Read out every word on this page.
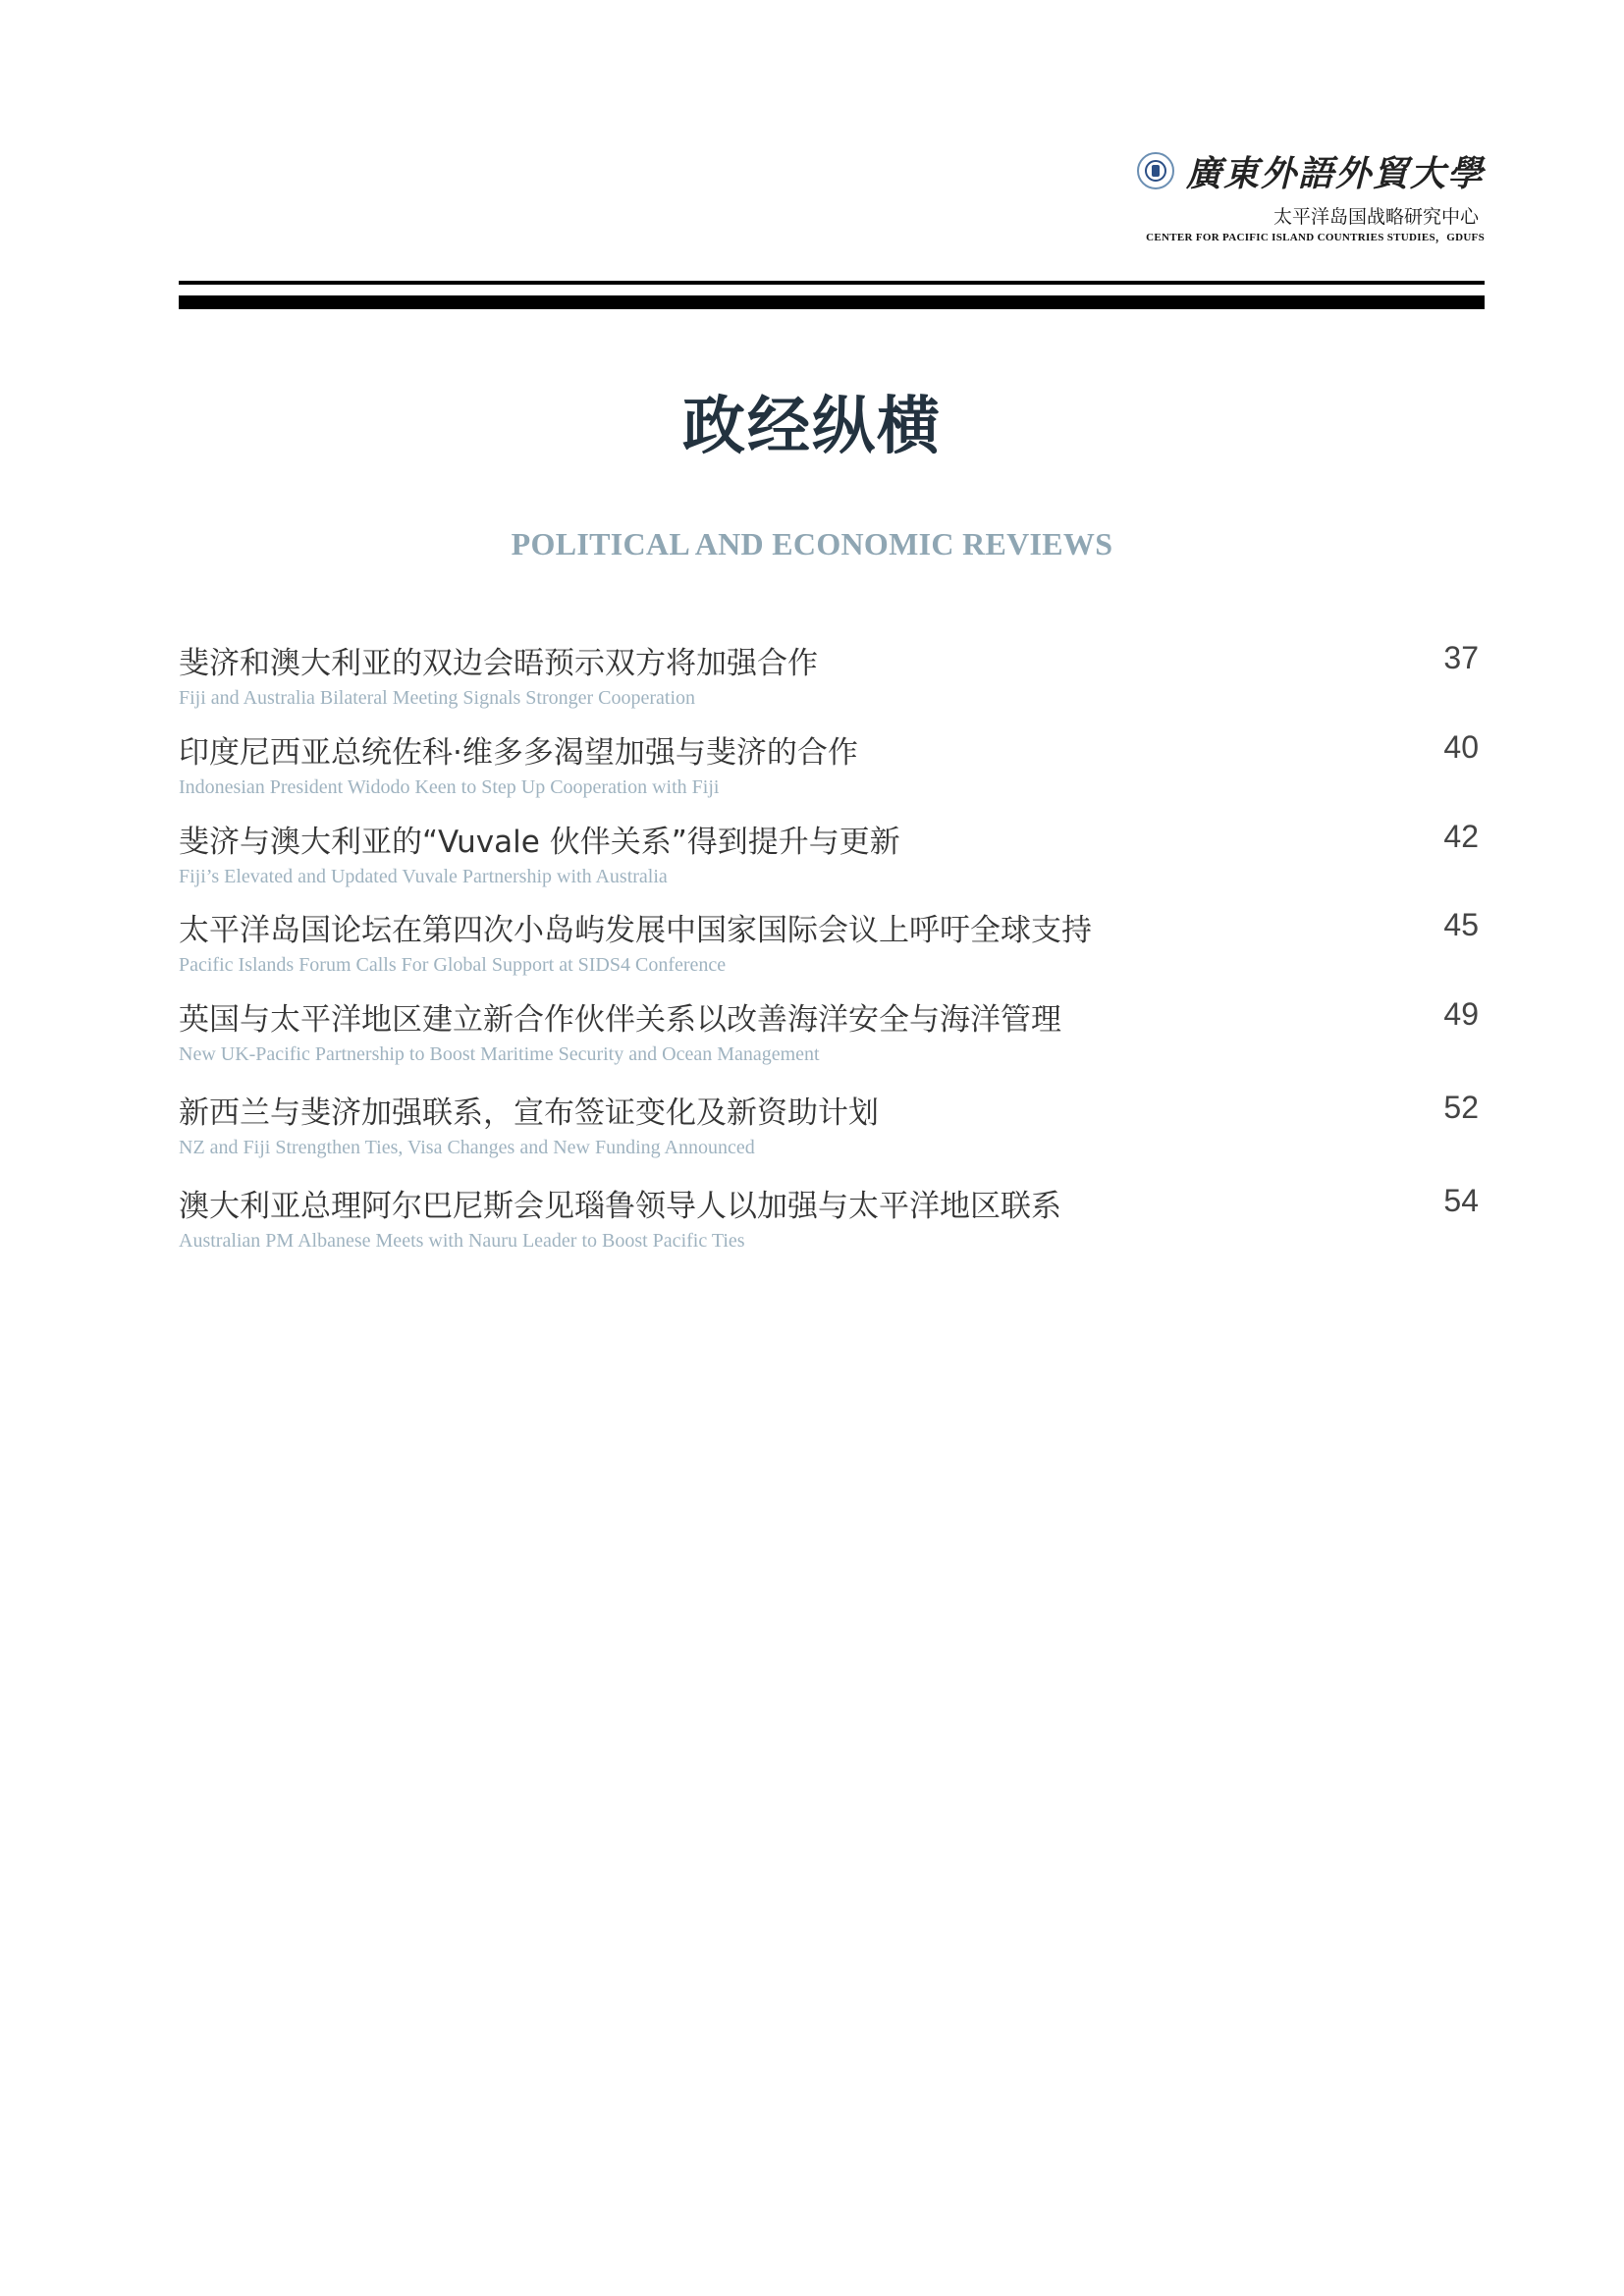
廣東外語外貿大學
太平洋岛国战略研究中心
CENTER FOR PACIFIC ISLAND COUNTRIES STUDIES，GDUFS
政经纵横
POLITICAL AND ECONOMIC REVIEWS
斐济和澳大利亚的双边会晤预示双方将加强合作
Fiji and Australia Bilateral Meeting Signals Stronger Cooperation
37
印度尼西亚总统佐科·维多多渴望加强与斐济的合作
Indonesian President Widodo Keen to Step Up Cooperation with Fiji
40
斐济与澳大利亚的“Vuvale 伙伴关系”得到提升与更新
Fiji’s Elevated and Updated Vuvale Partnership with Australia
42
太平洋岛国论坛在第四次小岛屿发展中国家国际会议上呼吁全球支持
Pacific Islands Forum Calls For Global Support at SIDS4 Conference
45
英国与太平洋地区建立新合作伙伴关系以改善海洋安全与海洋管理
New UK-Pacific Partnership to Boost Maritime Security and Ocean Management
49
新西兰与斐济加强联系，宣布签证变化及新资助计划
NZ and Fiji Strengthen Ties, Visa Changes and New Funding Announced
52
澳大利亚总理阿尔巴尼斯会见瑙鲁领导人以加强与太平洋地区联系
Australian PM Albanese Meets with Nauru Leader to Boost Pacific Ties
54
